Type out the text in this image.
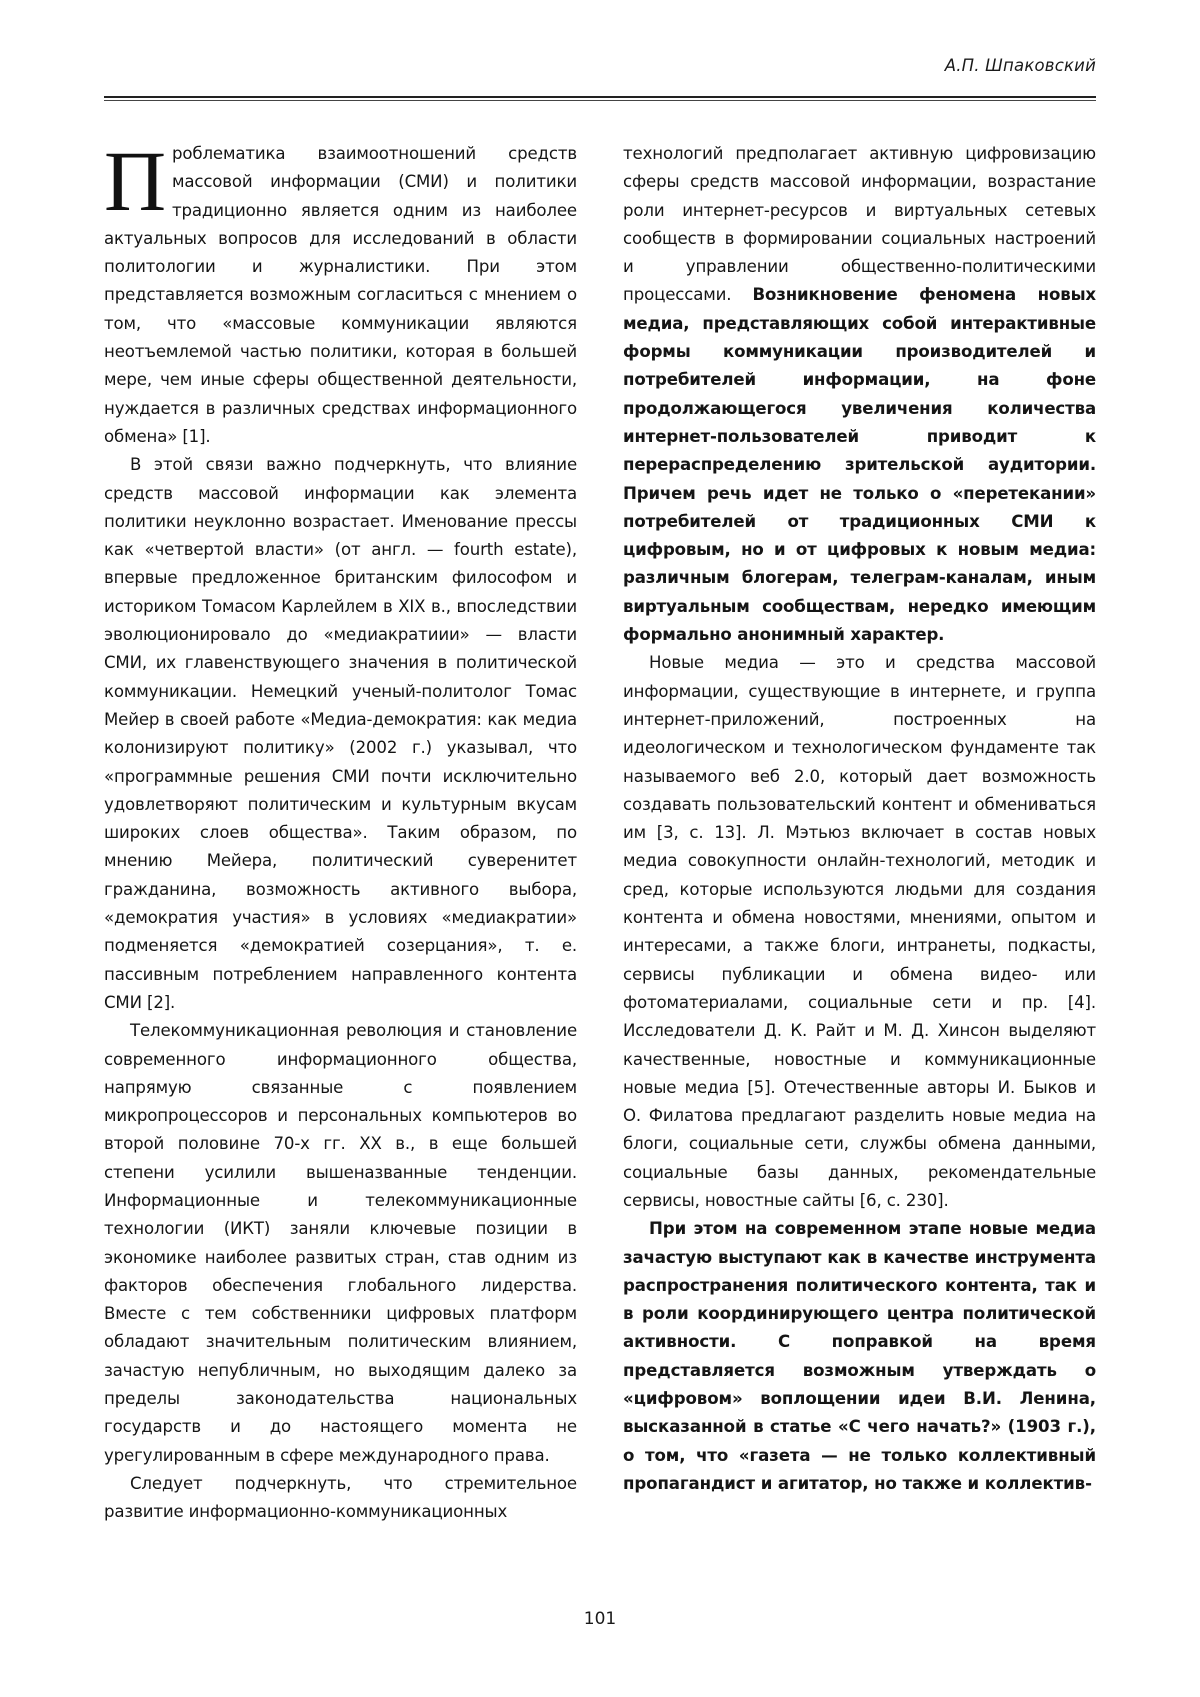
А.П. Шпаковский

Проблематика взаимоотношений средств массовой информации (СМИ) и политики традиционно является одним из наиболее актуальных вопросов для исследований в области политологии и журналистики. При этом представляется возможным согласиться с мнением о том, что «массовые коммуникации являются неотъемлемой частью политики, которая в большей мере, чем иные сферы общественной деятельности, нуждается в различных средствах информационного обмена» [1].

В этой связи важно подчеркнуть, что влияние средств массовой информации как элемента политики неуклонно возрастает. Именование прессы как «четвертой власти» (от англ. — fourth estate), впервые предложенное британским философом и историком Томасом Карлейлем в XIX в., впоследствии эволюционировало до «медиакратиии» — власти СМИ, их главенствующего значения в политической коммуникации. Немецкий ученый-политолог Томас Мейер в своей работе «Медиа-демократия: как медиа колонизируют политику» (2002 г.) указывал, что «программные решения СМИ почти исключительно удовлетворяют политическим и культурным вкусам широких слоев общества». Таким образом, по мнению Мейера, политический суверенитет гражданина, возможность активного выбора, «демократия участия» в условиях «медиакратии» подменяется «демократией созерцания», т. е. пассивным потреблением направленного контента СМИ [2].

Телекоммуникационная революция и становление современного информационного общества, напрямую связанные с появлением микропроцессоров и персональных компьютеров во второй половине 70-х гг. XX в., в еще большей степени усилили вышеназванные тенденции. Информационные и телекоммуникационные технологии (ИКТ) заняли ключевые позиции в экономике наиболее развитых стран, став одним из факторов обеспечения глобального лидерства. Вместе с тем собственники цифровых платформ обладают значительным политическим влиянием, зачастую непубличным, но выходящим далеко за пределы законодательства национальных государств и до настоящего момента не урегулированным в сфере международного права.

Следует подчеркнуть, что стремительное развитие информационно-коммуникационных

технологий предполагает активную цифровизацию сферы средств массовой информации, возрастание роли интернет-ресурсов и виртуальных сетевых сообществ в формировании социальных настроений и управлении общественно-политическими процессами. Возникновение феномена новых медиа, представляющих собой интерактивные формы коммуникации производителей и потребителей информации, на фоне продолжающегося увеличения количества интернет-пользователей приводит к перераспределению зрительской аудитории. Причем речь идет не только о «перетекании» потребителей от традиционных СМИ к цифровым, но и от цифровых к новым медиа: различным блогерам, телеграм-каналам, иным виртуальным сообществам, нередко имеющим формально анонимный характер.

Новые медиа — это и средства массовой информации, существующие в интернете, и группа интернет-приложений, построенных на идеологическом и технологическом фундаменте так называемого веб 2.0, который дает возможность создавать пользовательский контент и обмениваться им [3, с. 13]. Л. Мэтьюз включает в состав новых медиа совокупности онлайн-технологий, методик и сред, которые используются людьми для создания контента и обмена новостями, мнениями, опытом и интересами, а также блоги, интранеты, подкасты, сервисы публикации и обмена видео- или фотоматериалами, социальные сети и пр. [4]. Исследователи Д. К. Райт и М. Д. Хинсон выделяют качественные, новостные и коммуникационные новые медиа [5]. Отечественные авторы И. Быков и О. Филатова предлагают разделить новые медиа на блоги, социальные сети, службы обмена данными, социальные базы данных, рекомендательные сервисы, новостные сайты [6, с. 230].

При этом на современном этапе новые медиа зачастую выступают как в качестве инструмента распространения политического контента, так и в роли координирующего центра политической активности. С поправкой на время представляется возможным утверждать о «цифровом» воплощении идеи В.И. Ленина, высказанной в статье «С чего начать?» (1903 г.), о том, что «газета — не только коллективный пропагандист и агитатор, но также и коллектив-

101
